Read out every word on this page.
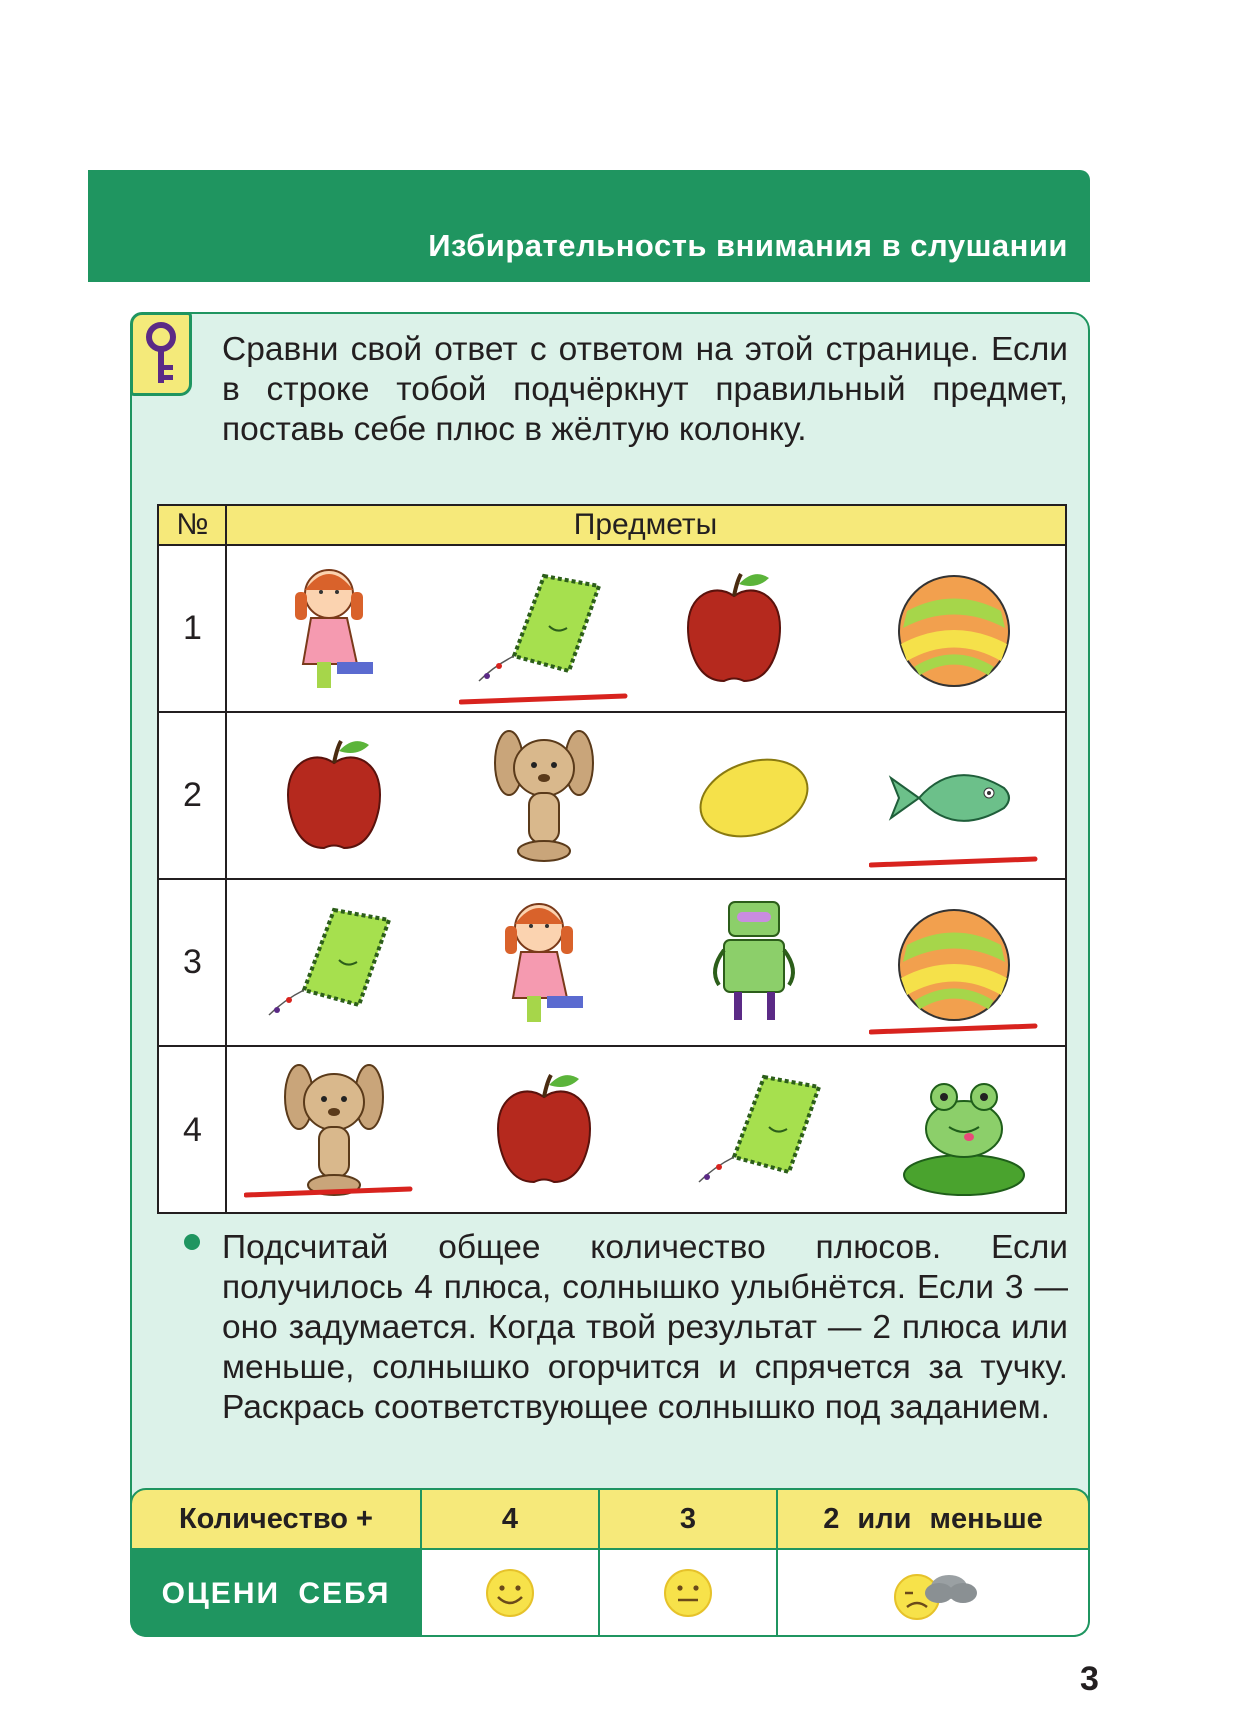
Избирательность внимания в слушании
Сравни свой ответ с ответом на этой странице. Если в строке тобой подчёркнут правильный предмет, поставь себе плюс в жёлтую колонку.
№	Предметы
1
2
3
4
Подсчитай общее количество плюсов. Если получилось 4 плюса, солнышко улыбнётся. Если 3 — оно задумается. Когда твой результат — 2 плюса или меньше, солнышко огорчится и спрячется за тучку. Раскрась соответствующее солнышко под заданием.
Количество +	4	3	2 или меньше
ОЦЕНИ СЕБЯ
3
